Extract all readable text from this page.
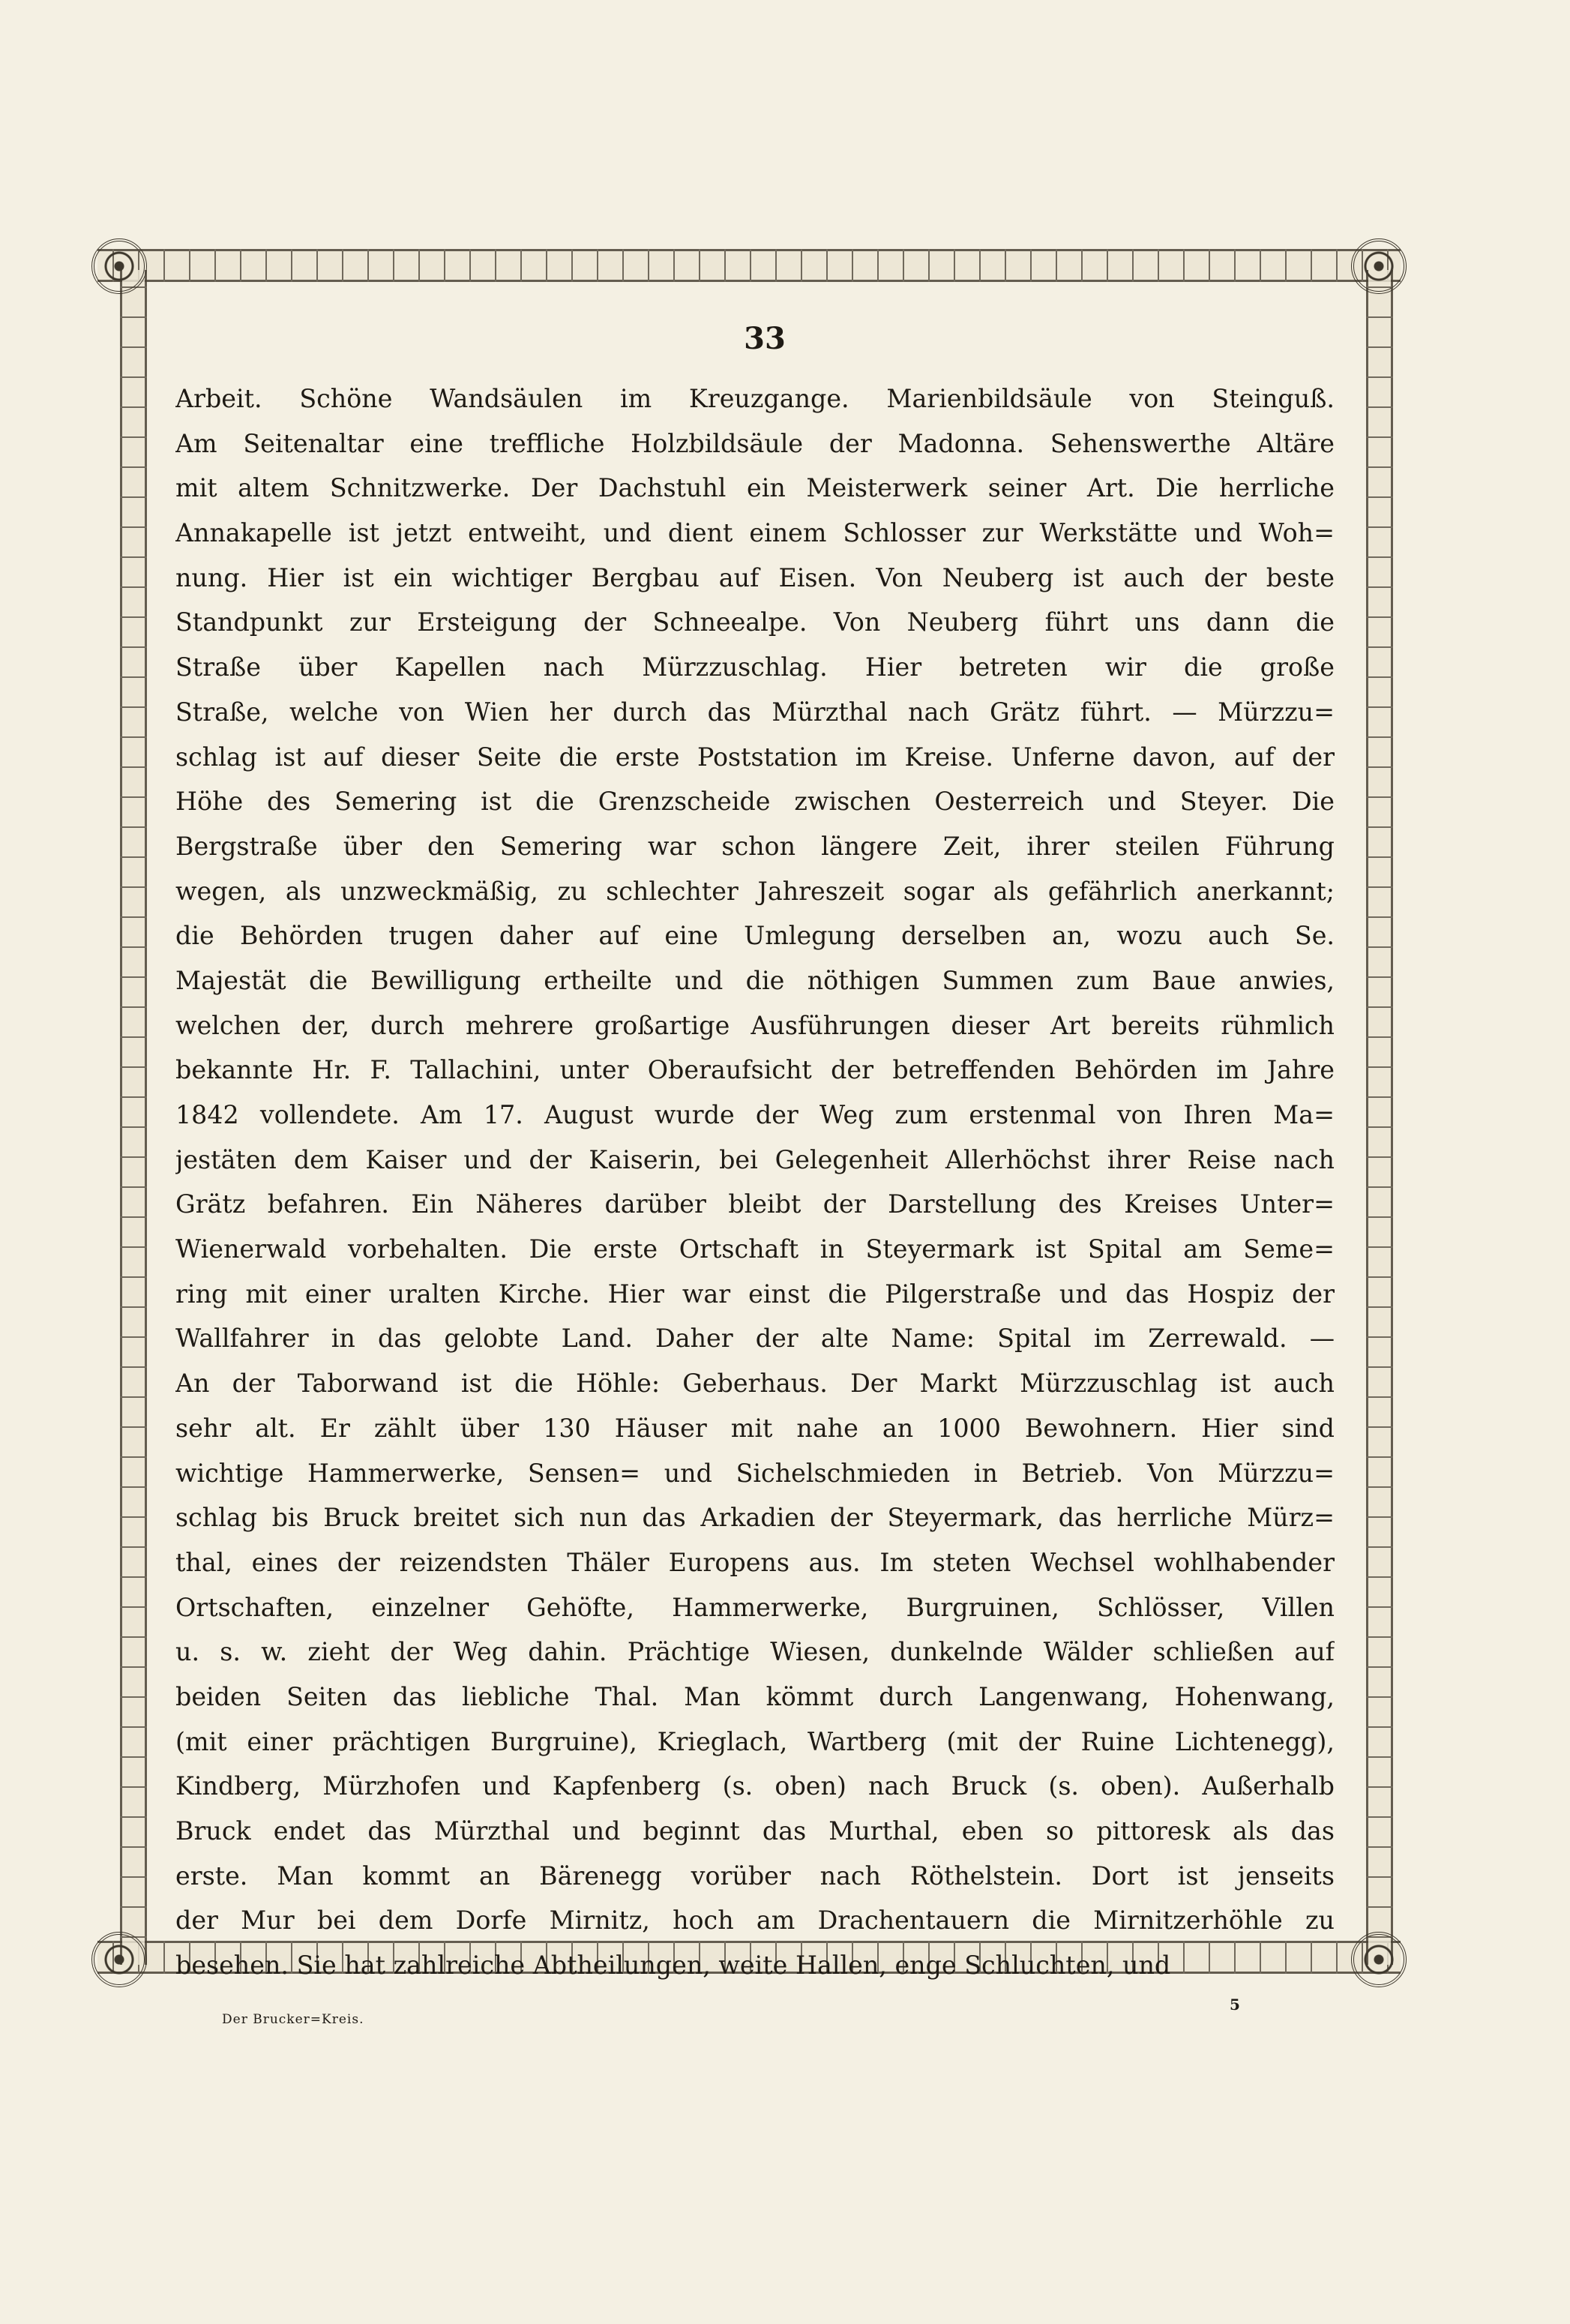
33
Arbeit. Schöne Wandsäulen im Kreuzgange. Marienbildsäule von Steinguß.
Am Seitenaltar eine treffliche Holzbildsäule der Madonna. Sehenswerthe Altäre
mit altem Schnitzwerke. Der Dachstuhl ein Meisterwerk seiner Art. Die herrliche
Annakapelle ist jetzt entweiht, und dient einem Schlosser zur Werkstätte und Woh=
nung. Hier ist ein wichtiger Bergbau auf Eisen. Von Neuberg ist auch der beste
Standpunkt zur Ersteigung der Schneealpe. Von Neuberg führt uns dann die
Straße über Kapellen nach Mürzzuschlag. Hier betreten wir die große
Straße, welche von Wien her durch das Mürzthal nach Grätz führt. — Mürzzu=
schlag ist auf dieser Seite die erste Poststation im Kreise. Unferne davon, auf der
Höhe des Semering ist die Grenzscheide zwischen Oesterreich und Steyer. Die
Bergstraße über den Semering war schon längere Zeit, ihrer steilen Führung
wegen, als unzweckmäßig, zu schlechter Jahreszeit sogar als gefährlich anerkannt;
die Behörden trugen daher auf eine Umlegung derselben an, wozu auch Se.
Majestät die Bewilligung ertheilte und die nöthigen Summen zum Baue anwies,
welchen der, durch mehrere großartige Ausführungen dieser Art bereits rühmlich
bekannte Hr. F. Tallachini, unter Oberaufsicht der betreffenden Behörden im Jahre
1842 vollendete. Am 17. August wurde der Weg zum erstenmal von Ihren Ma=
jestäten dem Kaiser und der Kaiserin, bei Gelegenheit Allerhöchst ihrer Reise nach
Grätz befahren. Ein Näheres darüber bleibt der Darstellung des Kreises Unter=
Wienerwald vorbehalten. Die erste Ortschaft in Steyermark ist Spital am Seme=
ring mit einer uralten Kirche. Hier war einst die Pilgerstraße und das Hospiz der
Wallfahrer in das gelobte Land. Daher der alte Name: Spital im Zerrewald. —
An der Taborwand ist die Höhle: Geberhaus. Der Markt Mürzzuschlag ist auch
sehr alt. Er zählt über 130 Häuser mit nahe an 1000 Bewohnern. Hier sind
wichtige Hammerwerke, Sensen= und Sichelschmieden in Betrieb. Von Mürzzu=
schlag bis Bruck breitet sich nun das Arkadien der Steyermark, das herrliche Mürz=
thal, eines der reizendsten Thäler Europens aus. Im steten Wechsel wohlhabender
Ortschaften, einzelner Gehöfte, Hammerwerke, Burgruinen, Schlösser, Villen
u. s. w. zieht der Weg dahin. Prächtige Wiesen, dunkelnde Wälder schließen auf
beiden Seiten das liebliche Thal. Man kömmt durch Langenwang, Hohenwang,
(mit einer prächtigen Burgruine), Krieglach, Wartberg (mit der Ruine Lichtenegg),
Kindberg, Mürzhofen und Kapfenberg (s. oben) nach Bruck (s. oben). Außerhalb
Bruck endet das Mürzthal und beginnt das Murthal, eben so pittoresk als das
erste. Man kommt an Bärenegg vorüber nach Röthelstein. Dort ist jenseits
der Mur bei dem Dorfe Mirnitz, hoch am Drachentauern die Mirnitzerhöhle zu
besehen. Sie hat zahlreiche Abtheilungen, weite Hallen, enge Schluchten, und
Der Brucker=Kreis.
5
